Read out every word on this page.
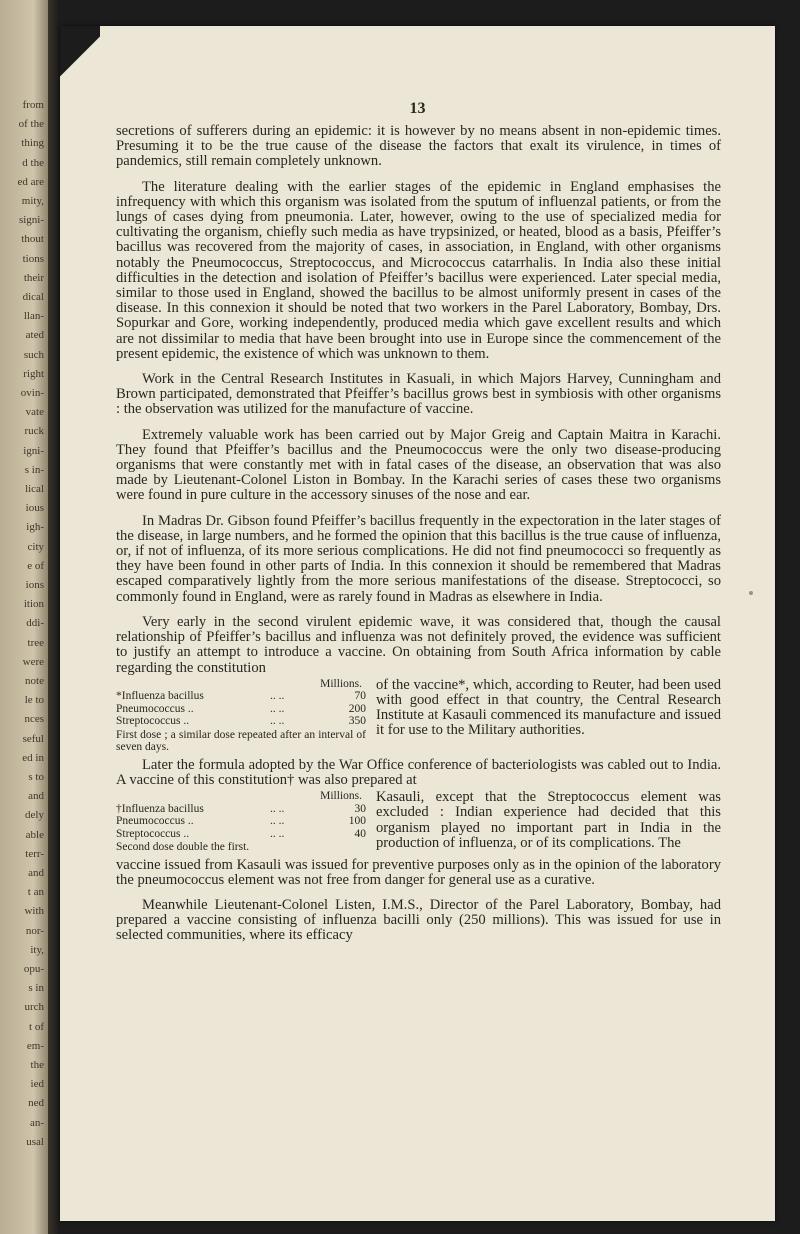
from
of the
thing
d the
ed are
mity,
signi-
thout
tions
their
dical
llan-
ated
such
right
ovin-
vate
ruck
igni-
s in-
lical
ious
igh-
city
e of
ions
ition
ddi-
tree
were
note
le to
nces
seful
ed in
s to
and
dely
able
terr-
and
t an
with
nor-
ity,
opu-
s in
urch
t of
em-
the
ied
ned
an-
usal
13

secretions of sufferers during an epidemic: it is however by no means absent in non-epidemic times. Presuming it to be the true cause of the disease the factors that exalt its virulence, in times of pandemics, still remain completely unknown.

The literature dealing with the earlier stages of the epidemic in England emphasises the infrequency with which this organism was isolated from the sputum of influenzal patients, or from the lungs of cases dying from pneumonia. Later, however, owing to the use of specialized media for cultivating the organism, chiefly such media as have trypsinized, or heated, blood as a basis, Pfeiffer’s bacillus was recovered from the majority of cases, in association, in England, with other organisms notably the Pneumococcus, Streptococcus, and Micrococcus catarrhalis. In India also these initial difficulties in the detection and isolation of Pfeiffer’s bacillus were experienced. Later special media, similar to those used in England, showed the bacillus to be almost uniformly present in cases of the disease. In this connexion it should be noted that two workers in the Parel Laboratory, Bombay, Drs. Sopurkar and Gore, working independently, produced media which gave excellent results and which are not dissimilar to media that have been brought into use in Europe since the commencement of the present epidemic, the existence of which was unknown to them.

Work in the Central Research Institutes in Kasuali, in which Majors Harvey, Cunningham and Brown participated, demonstrated that Pfeiffer’s bacillus grows best in symbiosis with other organisms : the observation was utilized for the manufacture of vaccine.

Extremely valuable work has been carried out by Major Greig and Captain Maitra in Karachi. They found that Pfeiffer’s bacillus and the Pneumococcus were the only two disease-producing organisms that were constantly met with in fatal cases of the disease, an observation that was also made by Lieutenant-Colonel Liston in Bombay. In the Karachi series of cases these two organisms were found in pure culture in the accessory sinuses of the nose and ear.

In Madras Dr. Gibson found Pfeiffer’s bacillus frequently in the expectoration in the later stages of the disease, in large numbers, and he formed the opinion that this bacillus is the true cause of influenza, or, if not of influenza, of its more serious complications. He did not find pneumococci so frequently as they have been found in other parts of India. In this connexion it should be remembered that Madras escaped comparatively lightly from the more serious manifestations of the disease. Streptococci, so commonly found in England, were as rarely found in Madras as elsewhere in India.

Very early in the second virulent epidemic wave, it was considered that, though the causal relationship of Pfeiffer’s bacillus and influenza was not definitely proved, the evidence was sufficient to justify an attempt to introduce a vaccine. On obtaining from South Africa information by cable regarding the constitution

Millions.
*Influenza bacillus	.. ..	70
Pneumococcus ..	.. ..	200
Streptococcus ..	.. ..	350
First dose ; a similar dose repeated after an interval of seven days.
of the vaccine*, which, according to Reuter, had been used with good effect in that country, the Central Research Institute at Kasauli commenced its manufacture and issued it for use to the Military authorities.

Later the formula adopted by the War Office conference of bacteriologists was cabled out to India. A vaccine of this constitution† was also prepared at

Millions.
†Influenza bacillus	.. ..	30
Pneumococcus ..	.. ..	100
Streptococcus ..	.. ..	40
Second dose double the first.
Kasauli, except that the Streptococcus element was excluded : Indian experience had decided that this organism played no important part in India in the production of influenza, or of its complications. The

vaccine issued from Kasauli was issued for preventive purposes only as in the opinion of the laboratory the pneumococcus element was not free from danger for general use as a curative.

Meanwhile Lieutenant-Colonel Listen, I.M.S., Director of the Parel Laboratory, Bombay, had prepared a vaccine consisting of influenza bacilli only (250 millions). This was issued for use in selected communities, where its efficacy
